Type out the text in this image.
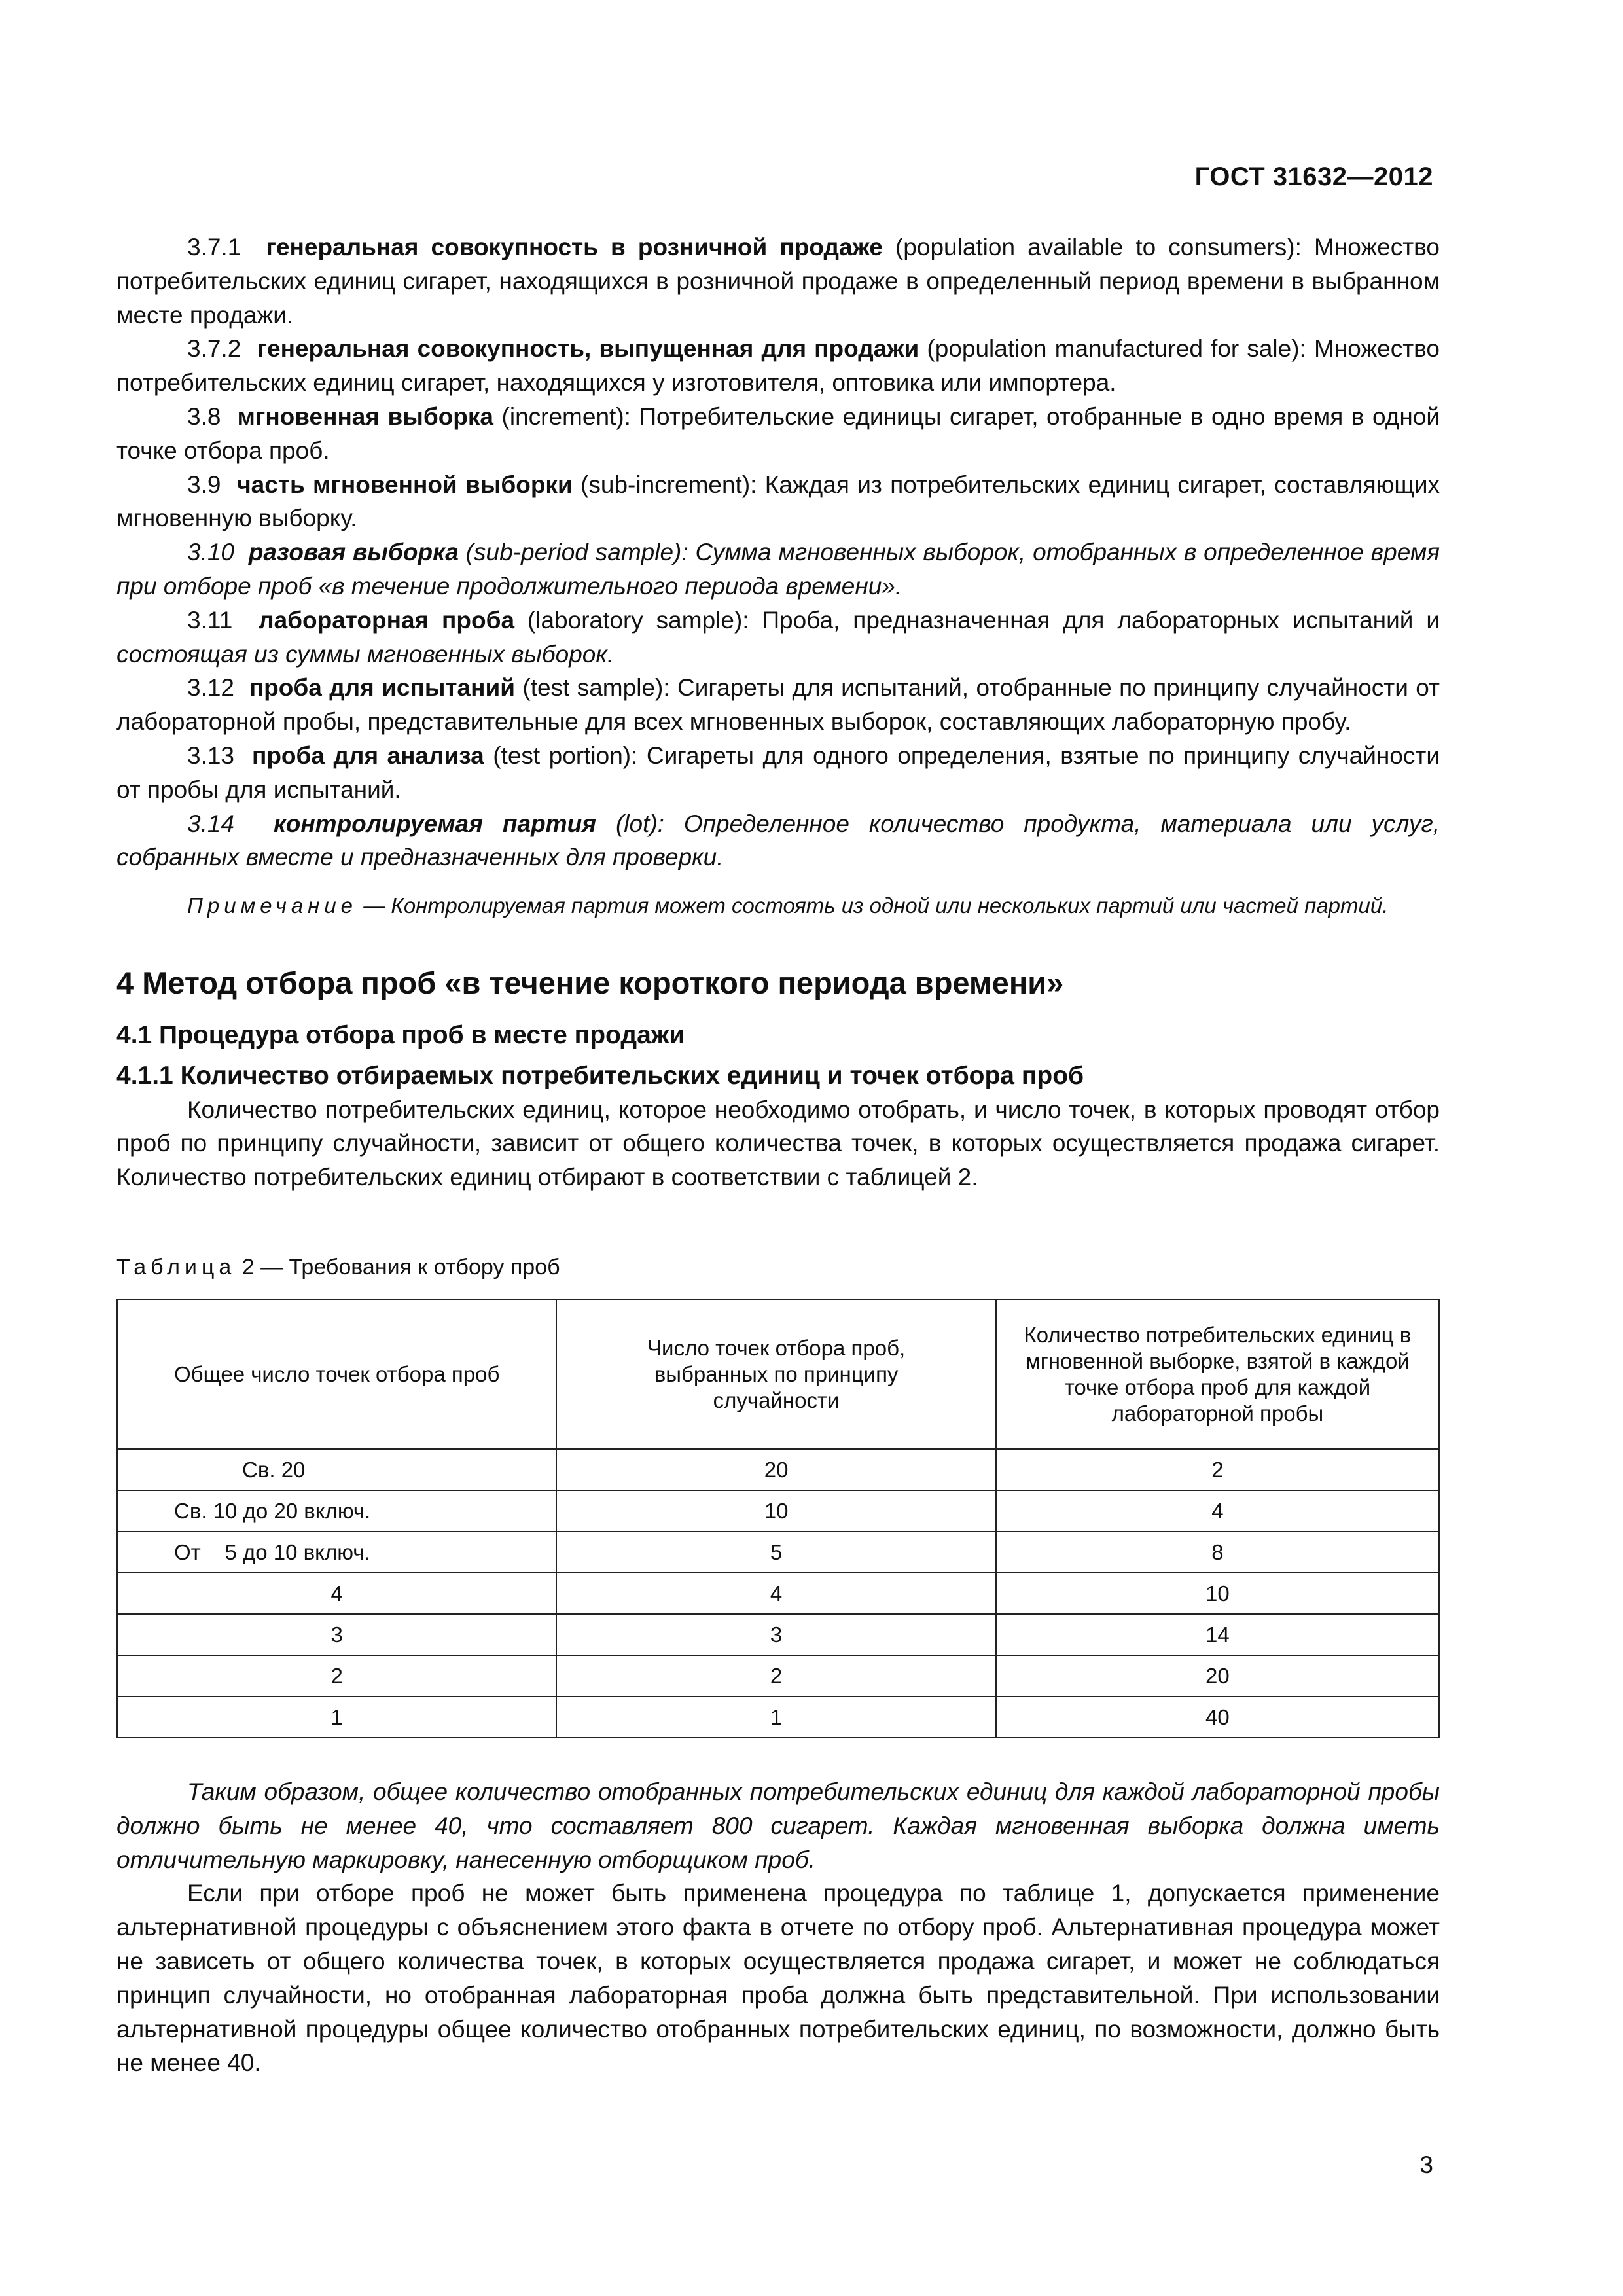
ГОСТ 31632—2012

3.7.1 генеральная совокупность в розничной продаже (population available to consumers): Множество потребительских единиц сигарет, находящихся в розничной продаже в определенный период времени в выбранном месте продажи.

3.7.2 генеральная совокупность, выпущенная для продажи (population manufactured for sale): Множество потребительских единиц сигарет, находящихся у изготовителя, оптовика или импортера.

3.8 мгновенная выборка (increment): Потребительские единицы сигарет, отобранные в одно время в одной точке отбора проб.

3.9 часть мгновенной выборки (sub-increment): Каждая из потребительских единиц сигарет, составляющих мгновенную выборку.

3.10 разовая выборка (sub-period sample): Сумма мгновенных выборок, отобранных в определенное время при отборе проб «в течение продолжительного периода времени».

3.11 лабораторная проба (laboratory sample): Проба, предназначенная для лабораторных испытаний и состоящая из суммы мгновенных выборок.

3.12 проба для испытаний (test sample): Сигареты для испытаний, отобранные по принципу случайности от лабораторной пробы, представительные для всех мгновенных выборок, составляющих лабораторную пробу.

3.13 проба для анализа (test portion): Сигареты для одного определения, взятые по принципу случайности от пробы для испытаний.

3.14 контролируемая партия (lot): Определенное количество продукта, материала или услуг, собранных вместе и предназначенных для проверки.

Примечание — Контролируемая партия может состоять из одной или нескольких партий или частей партий.

4 Метод отбора проб «в течение короткого периода времени»

4.1 Процедура отбора проб в месте продажи

4.1.1 Количество отбираемых потребительских единиц и точек отбора проб

Количество потребительских единиц, которое необходимо отобрать, и число точек, в которых проводят отбор проб по принципу случайности, зависит от общего количества точек, в которых осуществляется продажа сигарет. Количество потребительских единиц отбирают в соответствии с таблицей 2.

Таблица 2 — Требования к отбору проб
Общее число точек отбора проб	Число точек отбора проб, выбранных по принципу случайности	Количество потребительских единиц в мгновенной выборке, взятой в каждой точке отбора проб для каждой лабораторной пробы
Св. 20	20	2
Св. 10 до 20 включ.	10	4
От    5 до 10 включ.	5	8
4	4	10
3	3	14
2	2	20
1	1	40

Таким образом, общее количество отобранных потребительских единиц для каждой лабораторной пробы должно быть не менее 40, что составляет 800 сигарет. Каждая мгновенная выборка должна иметь отличительную маркировку, нанесенную отборщиком проб.

Если при отборе проб не может быть применена процедура по таблице 1, допускается применение альтернативной процедуры с объяснением этого факта в отчете по отбору проб. Альтернативная процедура может не зависеть от общего количества точек, в которых осуществляется продажа сигарет, и может не соблюдаться принцип случайности, но отобранная лабораторная проба должна быть представительной. При использовании альтернативной процедуры общее количество отобранных потребительских единиц, по возможности, должно быть не менее 40.

3
